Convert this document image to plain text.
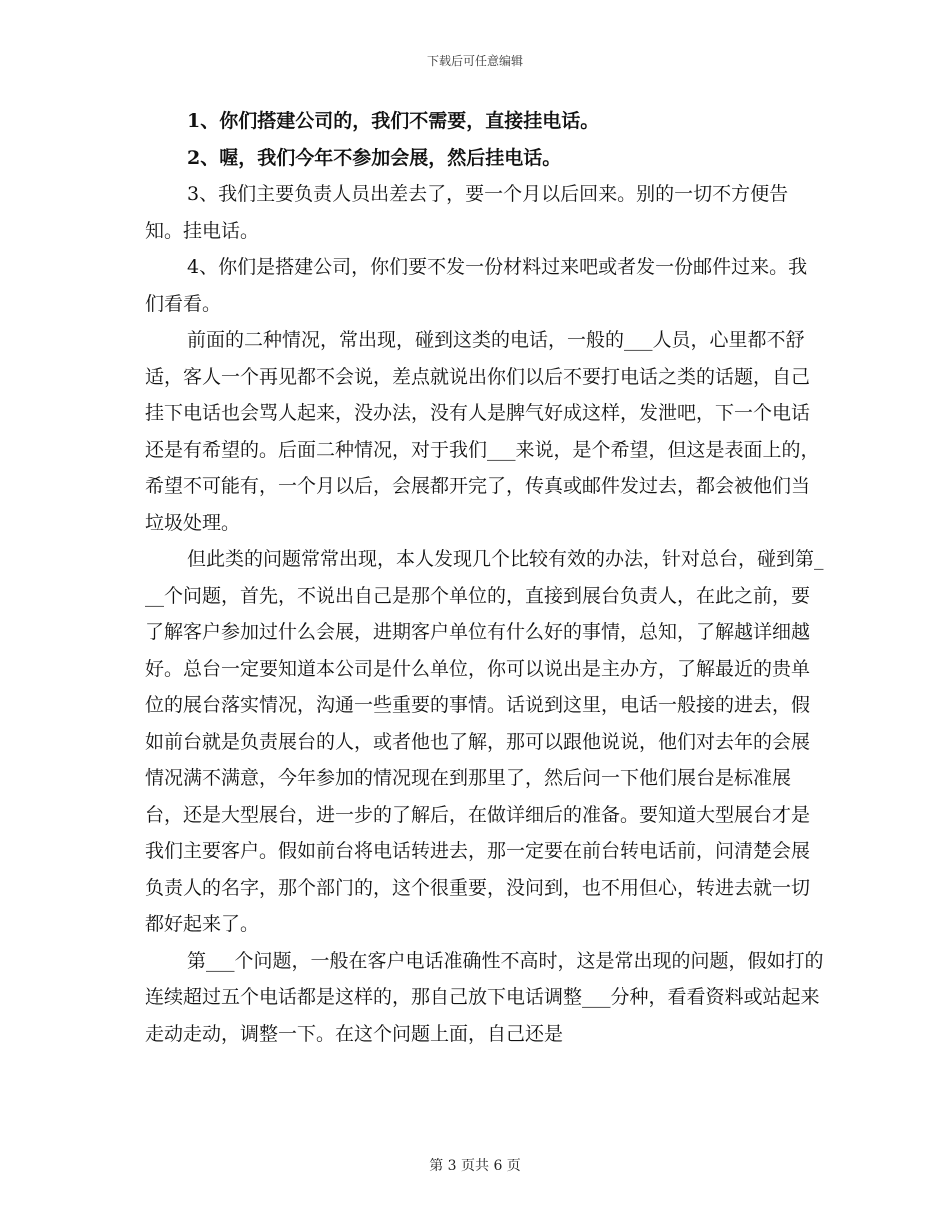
下载后可任意编辑

1、你们搭建公司的，我们不需要，直接挂电话。

2、喔，我们今年不参加会展，然后挂电话。

3、我们主要负责人员出差去了，要一个月以后回来。别的一切不方便告知。挂电话。

4、你们是搭建公司，你们要不发一份材料过来吧或者发一份邮件过来。我们看看。

前面的二种情况，常出现，碰到这类的电话，一般的___人员，心里都不舒适，客人一个再见都不会说，差点就说出你们以后不要打电话之类的话题，自己挂下电话也会骂人起来，没办法，没有人是脾气好成这样，发泄吧，下一个电话还是有希望的。后面二种情况，对于我们___来说，是个希望，但这是表面上的，希望不可能有，一个月以后，会展都开完了，传真或邮件发过去，都会被他们当垃圾处理。

但此类的问题常常出现，本人发现几个比较有效的办法，针对总台，碰到第___个问题，首先，不说出自己是那个单位的，直接到展台负责人，在此之前，要了解客户参加过什么会展，进期客户单位有什么好的事情，总知，了解越详细越好。总台一定要知道本公司是什么单位，你可以说出是主办方，了解最近的贵单位的展台落实情况，沟通一些重要的事情。话说到这里，电话一般接的进去，假如前台就是负责展台的人，或者他也了解，那可以跟他说说，他们对去年的会展情况满不满意，今年参加的情况现在到那里了，然后问一下他们展台是标准展台，还是大型展台，进一步的了解后，在做详细后的准备。要知道大型展台才是我们主要客户。假如前台将电话转进去，那一定要在前台转电话前，问清楚会展负责人的名字，那个部门的，这个很重要，没问到，也不用但心，转进去就一切都好起来了。

第___个问题，一般在客户电话准确性不高时，这是常出现的问题，假如打的连续超过五个电话都是这样的，那自己放下电话调整___分种，看看资料或站起来走动走动，调整一下。在这个问题上面，自己还是

第 3 页共 6 页
